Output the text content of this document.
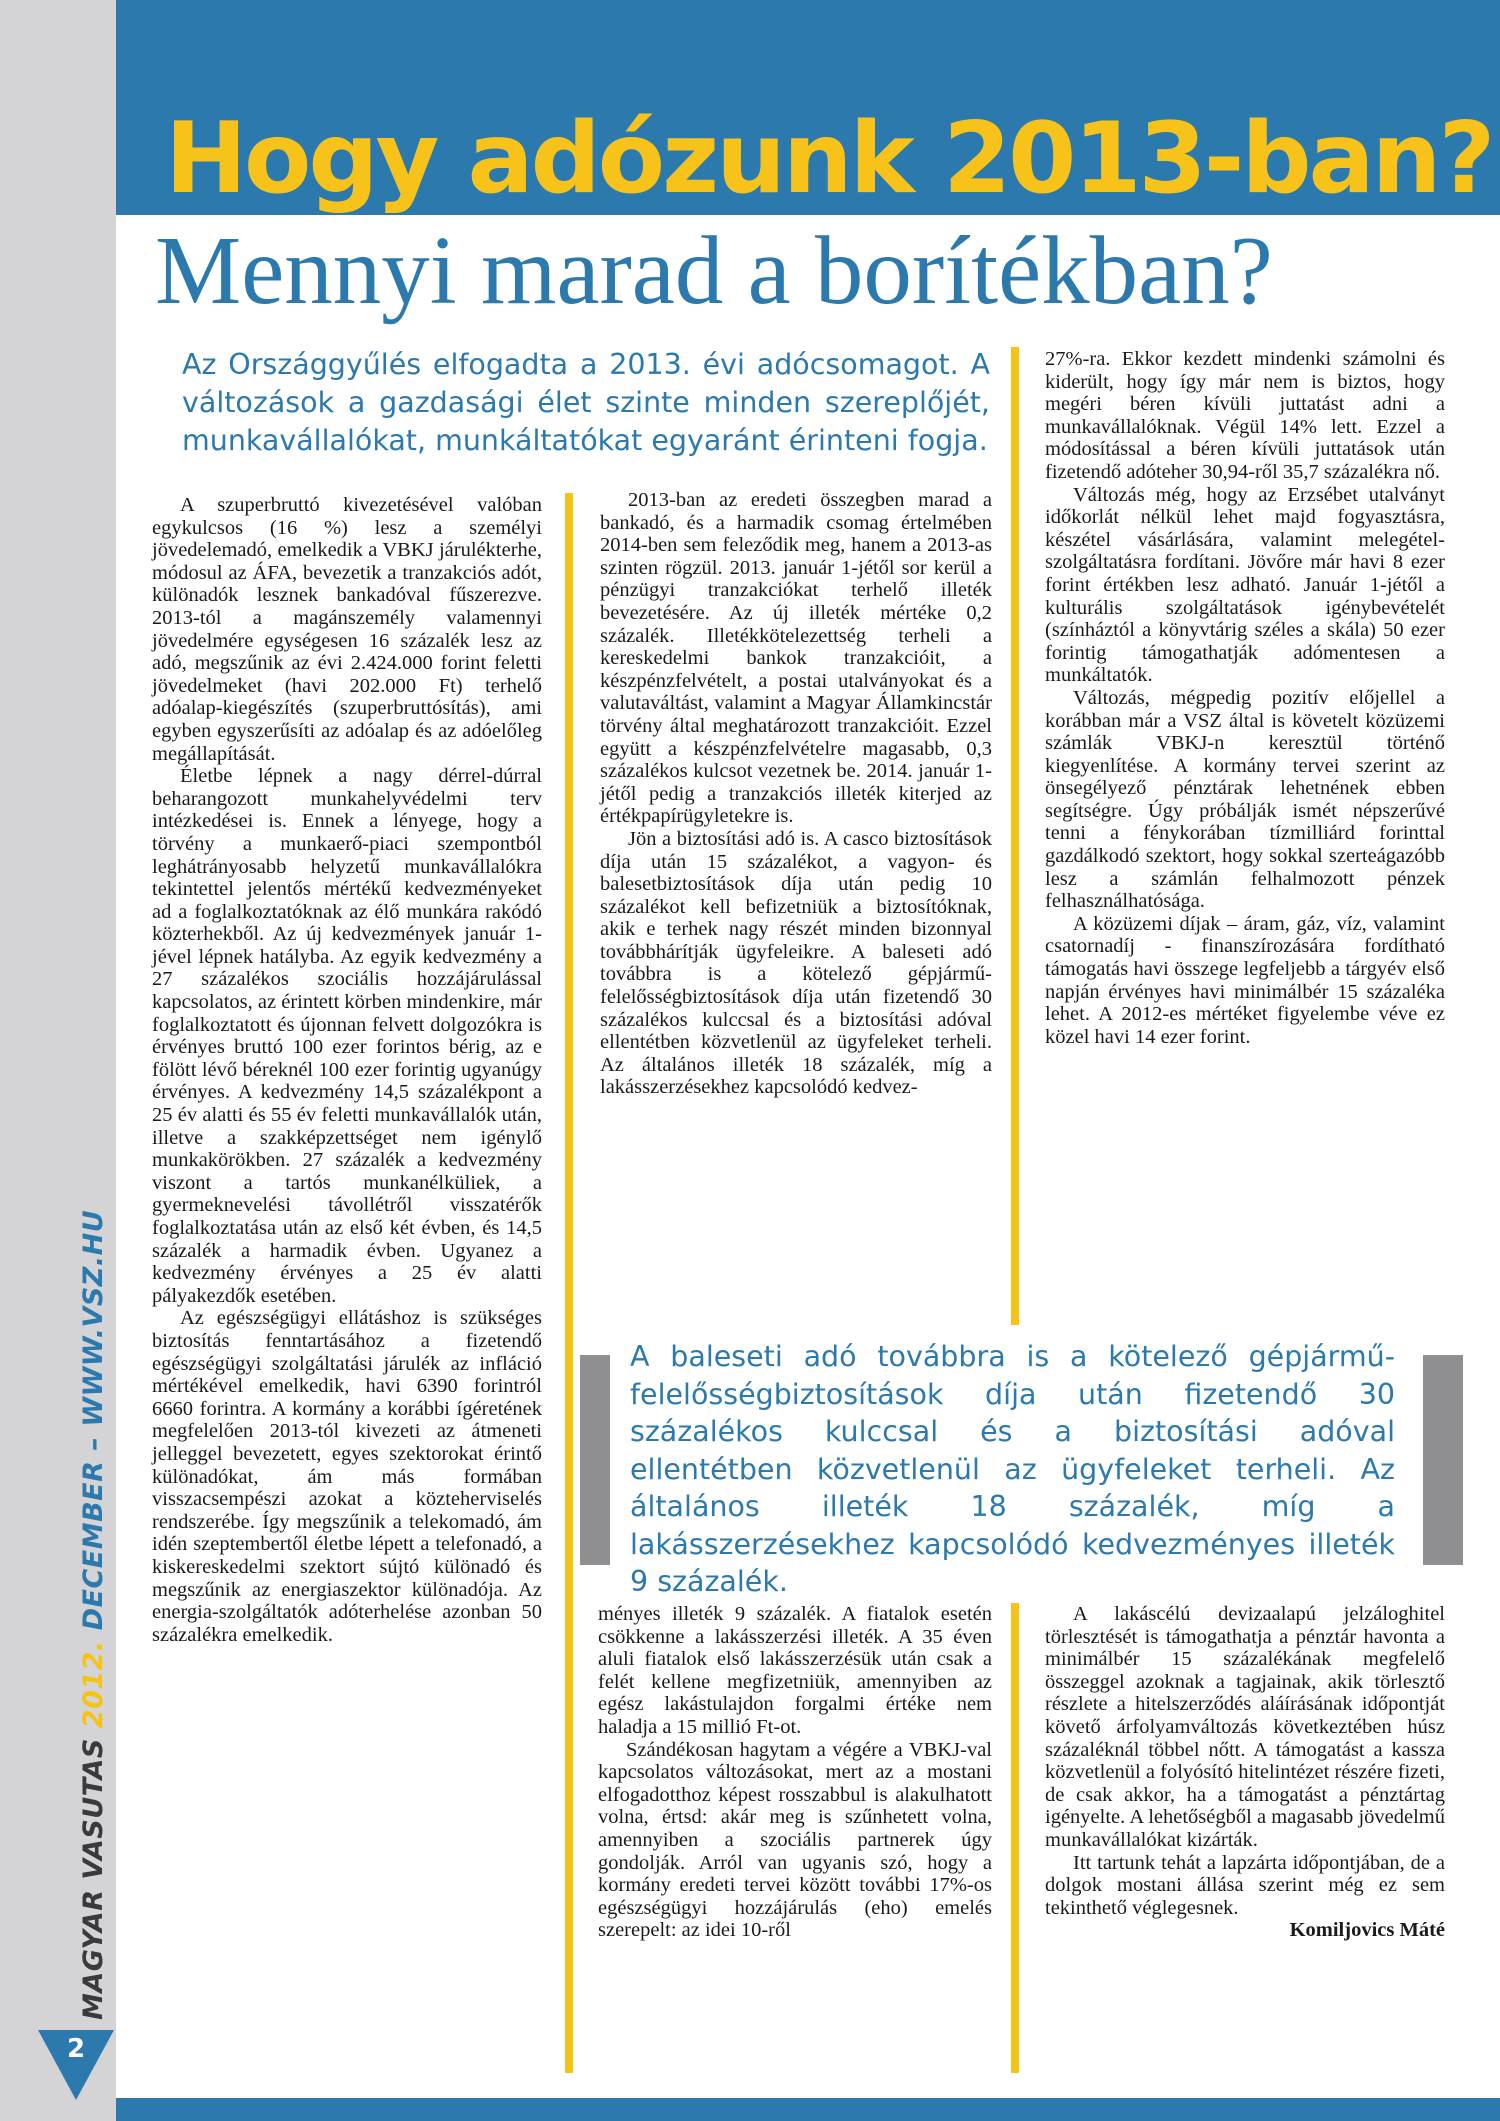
MAGYAR VASUTAS 2012. DECEMBER – WWW.VSZ.HU
2
Hogy adózunk 2013-ban?
Mennyi marad a borítékban?

Az Országgyűlés elfogadta a 2013. évi adócsomagot. A változások a gazdasági élet szinte minden szereplőjét, munkavállalókat, munkáltatókat egyaránt érinteni fogja.

A szuperbruttó kivezetésével valóban egykulcsos (16 %) lesz a személyi jövedelemadó, emelkedik a VBKJ járulékterhe, módosul az ÁFA, bevezetik a tranzakciós adót, különadók lesznek bankadóval fűszerezve. 2013-tól a magánszemély valamennyi jövedelmére egységesen 16 százalék lesz az adó, megszűnik az évi 2.424.000 forint feletti jövedelmeket (havi 202.000 Ft) terhelő adóalap-kiegészítés (szuperbruttósítás), ami egyben egyszerűsíti az adóalap és az adóelőleg megállapítását.

Életbe lépnek a nagy dérrel-dúrral beharangozott munkahelyvédelmi terv intézkedései is. Ennek a lényege, hogy a törvény a munkaerő-piaci szempontból leghátrányosabb helyzetű munkavállalókra tekintettel jelentős mértékű kedvezményeket ad a foglalkoztatóknak az élő munkára rakódó közterhekből. Az új kedvezmények január 1-jével lépnek hatályba. Az egyik kedvezmény a 27 százalékos szociális hozzájárulással kapcsolatos, az érintett körben mindenkire, már foglalkoztatott és újonnan felvett dolgozókra is érvényes bruttó 100 ezer forintos bérig, az e fölött lévő béreknél 100 ezer forintig ugyanúgy érvényes. A kedvezmény 14,5 százalékpont a 25 év alatti és 55 év feletti munkavállalók után, illetve a szakképzettséget nem igénylő munkakörökben. 27 százalék a kedvezmény viszont a tartós munkanélküliek, a gyermeknevelési távollétről visszatérők foglalkoztatása után az első két évben, és 14,5 százalék a harmadik évben. Ugyanez a kedvezmény érvényes a 25 év alatti pályakezdők esetében.

Az egészségügyi ellátáshoz is szükséges biztosítás fenntartásához a fizetendő egészségügyi szolgáltatási járulék az infláció mértékével emelkedik, havi 6390 forintról 6660 forintra. A kormány a korábbi ígéretének megfelelően 2013-tól kivezeti az átmeneti jelleggel bevezetett, egyes szektorokat érintő különadókat, ám más formában visszacsempészi azokat a közteherviselés rendszerébe. Így megszűnik a telekomadó, ám idén szeptembertől életbe lépett a telefonadó, a kiskereskedelmi szektort sújtó különadó és megszűnik az energiaszektor különadója. Az energia-szolgáltatók adóterhelése azonban 50 százalékra emelkedik.

2013-ban az eredeti összegben marad a bankadó, és a harmadik csomag értelmében 2014-ben sem feleződik meg, hanem a 2013-as szinten rögzül. 2013. január 1-jétől sor kerül a pénzügyi tranzakciókat terhelő illeték bevezetésére. Az új illeték mértéke 0,2 százalék. Illetékkötelezettség terheli a kereskedelmi bankok tranzakcióit, a készpénzfelvételt, a postai utalványokat és a valutaváltást, valamint a Magyar Államkincstár törvény által meghatározott tranzakcióit. Ezzel együtt a készpénzfelvételre magasabb, 0,3 százalékos kulcsot vezetnek be. 2014. január 1-jétől pedig a tranzakciós illeték kiterjed az értékpapírügyletekre is.

Jön a biztosítási adó is. A casco biztosítások díja után 15 százalékot, a vagyon- és balesetbiztosítások díja után pedig 10 százalékot kell befizetniük a biztosítóknak, akik e terhek nagy részét minden bizonnyal továbbhárítják ügyfeleikre. A baleseti adó továbbra is a kötelező gépjármű-felelősségbiztosítások díja után fizetendő 30 százalékos kulccsal és a biztosítási adóval ellentétben közvetlenül az ügyfeleket terheli. Az általános illeték 18 százalék, míg a lakásszerzésekhez kapcsolódó kedvez-

27%-ra. Ekkor kezdett mindenki számolni és kiderült, hogy így már nem is biztos, hogy megéri béren kívüli juttatást adni a munkavállalóknak. Végül 14% lett. Ezzel a módosítással a béren kívüli juttatások után fizetendő adóteher 30,94-ről 35,7 százalékra nő.

Változás még, hogy az Erzsébet utalványt időkorlát nélkül lehet majd fogyasztásra, készétel vásárlására, valamint melegétel-szolgáltatásra fordítani. Jövőre már havi 8 ezer forint értékben lesz adható. Január 1-jétől a kulturális szolgáltatások igénybevételét (színháztól a könyvtárig széles a skála) 50 ezer forintig támogathatják adómentesen a munkáltatók.

Változás, mégpedig pozitív előjellel a korábban már a VSZ által is követelt közüzemi számlák VBKJ-n keresztül történő kiegyenlítése. A kormány tervei szerint az önsegélyező pénztárak lehetnének ebben segítségre. Úgy próbálják ismét népszerűvé tenni a fénykorában tízmilliárd forinttal gazdálkodó szektort, hogy sokkal szerteágazóbb lesz a számlán felhalmozott pénzek felhasználhatósága.

A közüzemi díjak – áram, gáz, víz, valamint csatornadíj - finanszírozására fordítható támogatás havi összege legfeljebb a tárgyév első napján érvényes havi minimálbér 15 százaléka lehet. A 2012-es mértéket figyelembe véve ez közel havi 14 ezer forint.

A baleseti adó továbbra is a kötelező gépjármű-felelősségbiztosítások díja után fizetendő 30 százalékos kulccsal és a biztosítási adóval ellentétben közvetlenül az ügyfeleket terheli. Az általános illeték 18 százalék, míg a lakásszerzésekhez kapcsolódó kedvezményes illeték 9 százalék.

ményes illeték 9 százalék. A fiatalok esetén csökkenne a lakásszerzési illeték. A 35 éven aluli fiatalok első lakásszerzésük után csak a felét kellene megfizetniük, amennyiben az egész lakástulajdon forgalmi értéke nem haladja a 15 millió Ft-ot.

Szándékosan hagytam a végére a VBKJ-val kapcsolatos változásokat, mert az a mostani elfogadotthoz képest rosszabbul is alakulhatott volna, értsd: akár meg is szűnhetett volna, amennyiben a szociális partnerek úgy gondolják. Arról van ugyanis szó, hogy a kormány eredeti tervei között további 17%-os egészségügyi hozzájárulás (eho) emelés szerepelt: az idei 10-ről

A lakáscélú devizaalapú jelzáloghitel törlesztését is támogathatja a pénztár havonta a minimálbér 15 százalékának megfelelő összeggel azoknak a tagjainak, akik törlesztő részlete a hitelszerződés aláírásának időpontját követő árfolyamváltozás következtében húsz százaléknál többel nőtt. A támogatást a kassza közvetlenül a folyósító hitelintézet részére fizeti, de csak akkor, ha a támogatást a pénztártag igényelte. A lehetőségből a magasabb jövedelmű munkavállalókat kizárták.

Itt tartunk tehát a lapzárta időpontjában, de a dolgok mostani állása szerint még ez sem tekinthető véglegesnek.

Komiljovics Máté
